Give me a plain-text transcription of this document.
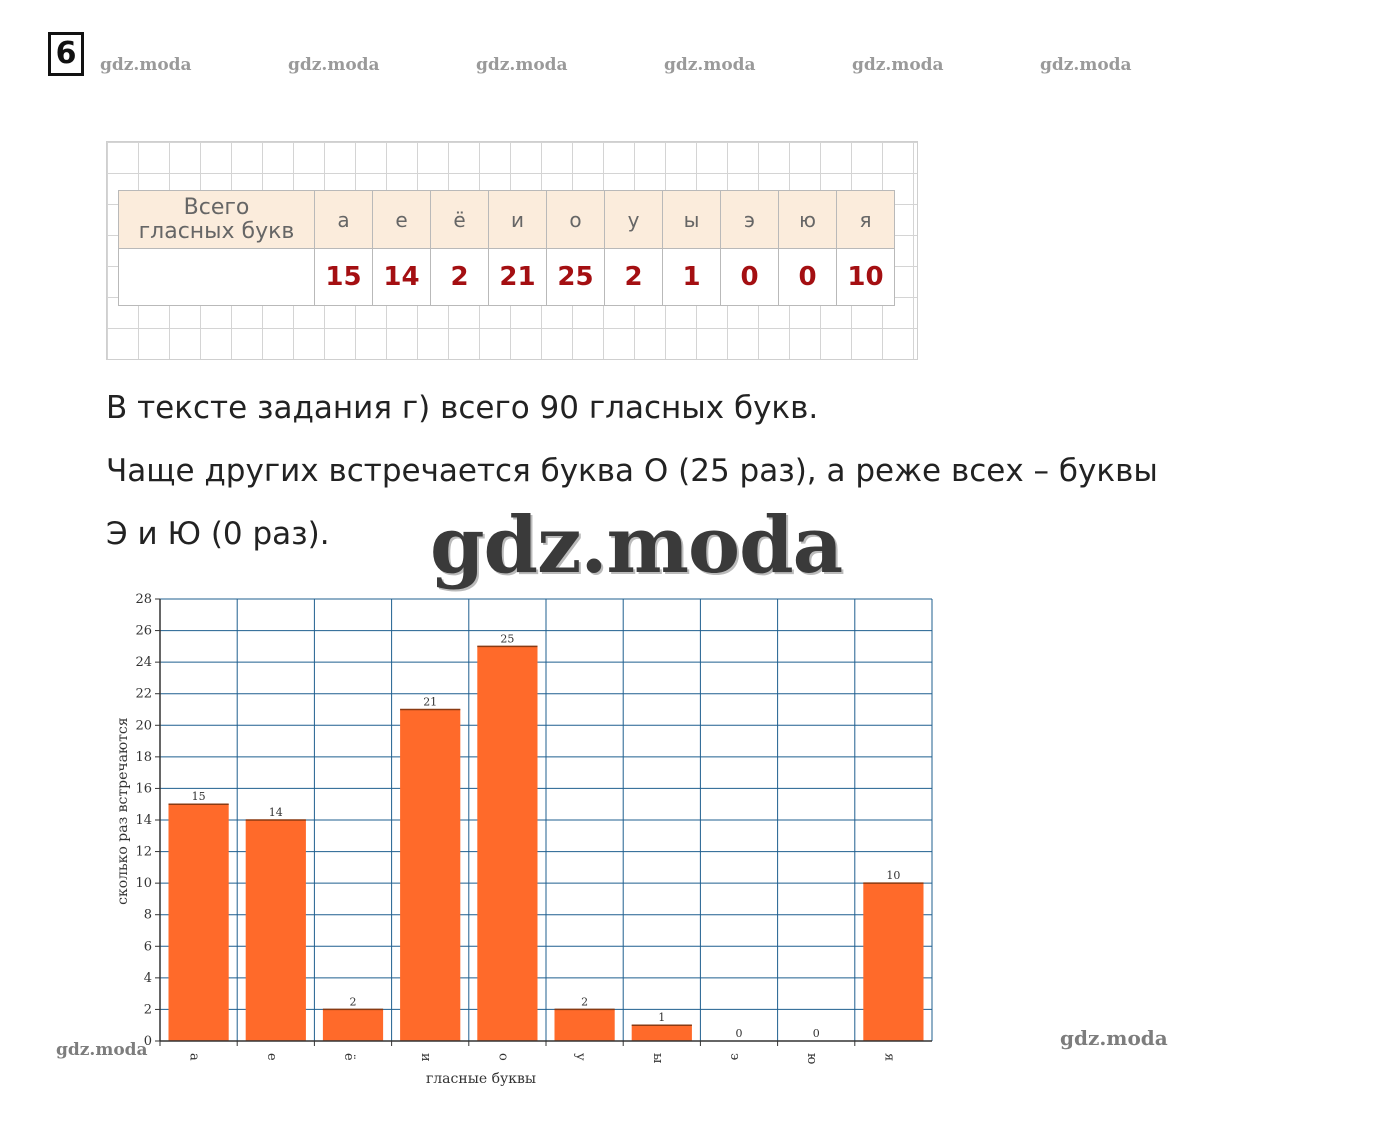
6	gdz.moda	gdz.moda	gdz.moda	gdz.moda	gdz.moda	gdz.moda
Всего
гласных букв	а	е	ё	и	о	у	ы	э	ю	я
	15	14	2	21	25	2	1	0	0	10
В тексте задания г) всего 90 гласных букв.
Чаще других встречается буква О (25 раз), а реже всех – буквы
Э и Ю (0 раз).
0
2
4
6
8
10
12
14
16
18
20
22
24
26
28
15
а
14
е
2
ё
21
и
25
о
2
у
1
ы
0
э
0
ю
10
я
гласные буквы
сколько раз встречаются
gdz.moda
gdz.moda	gdz.moda
